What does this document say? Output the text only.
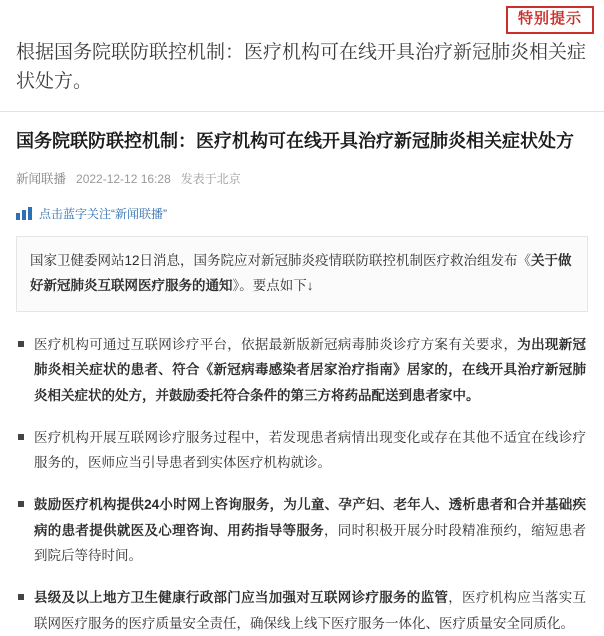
特别提示
根据国务院联防联控机制：医疗机构可在线开具治疗新冠肺炎相关症状处方。
国务院联防联控机制：医疗机构可在线开具治疗新冠肺炎相关症状处方
新闻联播 2022-12-12 16:28 发表于北京
点击蓝字关注“新闻联播”
国家卫健委网站12日消息，国务院应对新冠肺炎疫情联防联控机制医疗救治组发布《关于做好新冠肺炎互联网医疗服务的通知》。要点如下↓
医疗机构可通过互联网诊疗平台，依据最新版新冠病毒肺炎诊疗方案有关要求，为出现新冠肺炎相关症状的患者、符合《新冠病毒感染者居家治疗指南》居家的，在线开具治疗新冠肺炎相关症状的处方，并鼓励委托符合条件的第三方将药品配送到患者家中。
医疗机构开展互联网诊疗服务过程中，若发现患者病情出现变化或存在其他不适宜在线诊疗服务的，医师应当引导患者到实体医疗机构就诊。
鼓励医疗机构提供24小时网上咨询服务，为儿童、孕产妇、老年人、透析患者和合并基础疾病的患者提供就医及心理咨询、用药指导等服务，同时积极开展分时段精准预约，缩短患者到院后等待时间。
县级及以上地方卫生健康行政部门应当加强对互联网诊疗服务的监管，医疗机构应当落实互联网医疗服务的医疗质量安全责任，确保线上线下医疗服务一体化、医疗质量安全同质化。
